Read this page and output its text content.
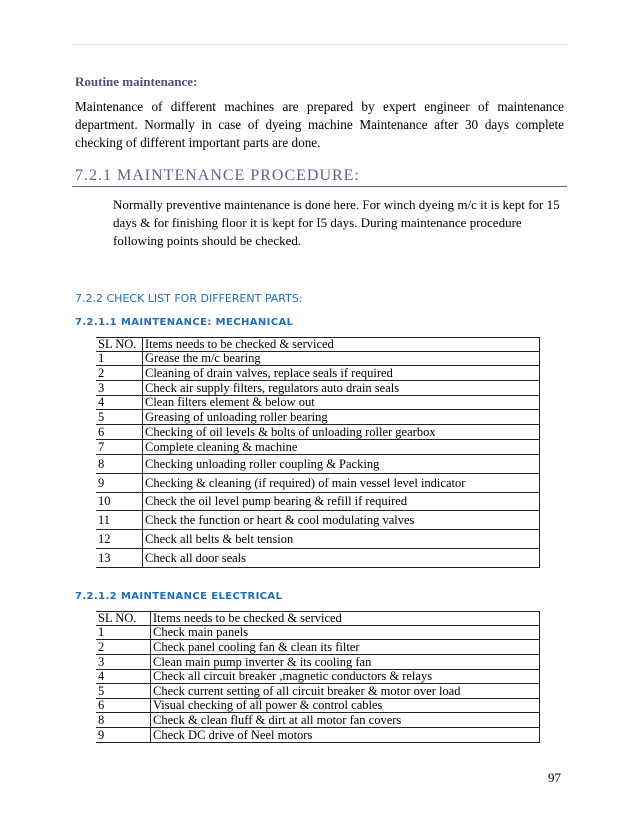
Routine maintenance:
Maintenance of different machines are prepared by expert engineer of maintenance department. Normally in case of dyeing machine Maintenance after 30 days complete checking of different important parts are done.
7.2.1 MAINTENANCE PROCEDURE:
Normally preventive maintenance is done here. For winch dyeing m/c it is kept for 15 days & for finishing floor it is kept for I5 days. During maintenance procedure following points should be checked.
7.2.2 CHECK LIST FOR DIFFERENT PARTS:
7.2.1.1 MAINTENANCE: MECHANICAL
SL NO.	Items needs to be checked & serviced
1	Grease the m/c bearing
2	Cleaning of drain valves, replace seals if required
3	Check air supply filters, regulators auto drain seals
4	Clean filters element & below out
5	Greasing of unloading roller bearing
6	Checking of oil levels & bolts of unloading roller gearbox
7	Complete cleaning & machine
8	Checking unloading roller coupling & Packing
9	Checking & cleaning (if required) of main vessel level indicator
10	Check the oil level pump bearing & refill if required
11	Check the function or heart & cool modulating valves
12	Check all belts & belt tension
13	Check all door seals
7.2.1.2 MAINTENANCE ELECTRICAL
SL NO.	Items needs to be checked & serviced
1	Check main panels
2	Check panel cooling fan & clean its filter
3	Clean main pump inverter & its cooling fan
4	Check all circuit breaker ,magnetic conductors & relays
5	Check current setting of all circuit breaker & motor over load
6	Visual checking of all power & control cables
8	Check & clean fluff & dirt at all motor fan covers
9	Check DC drive of Neel motors
97
